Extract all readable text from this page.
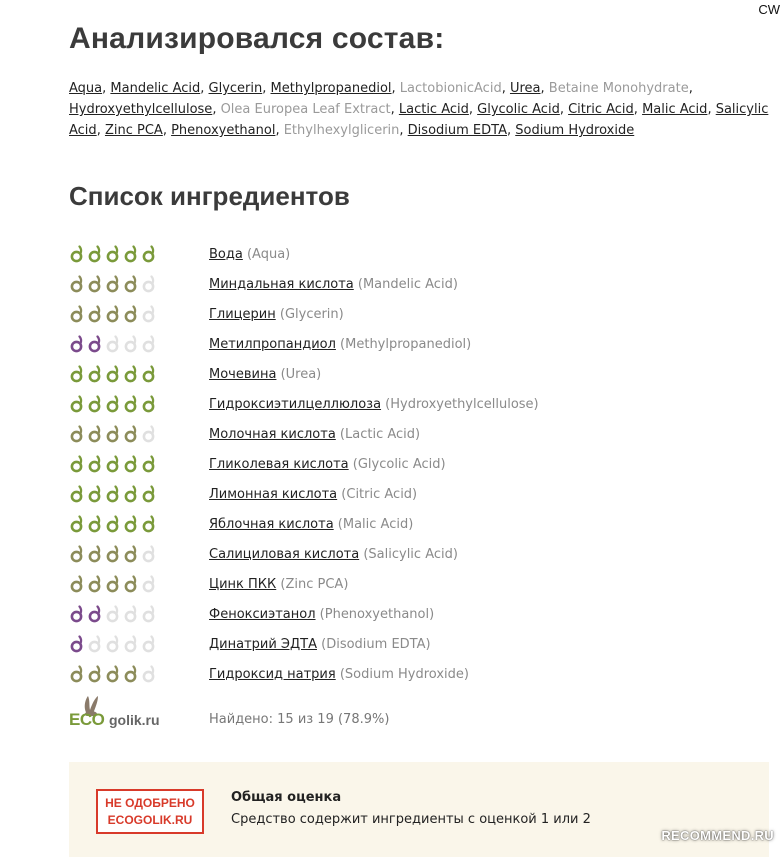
CW
Анализировался состав:
Aqua, Mandelic Acid, Glycerin, Methylpropanediol, LactobionicAcid, Urea, Betaine Monohydrate, Hydroxyethylcellulose, Olea Europea Leaf Extract, Lactic Acid, Glycolic Acid, Citric Acid, Malic Acid, Salicylic Acid, Zinc PCA, Phenoxyethanol, Ethylhexylglicerin, Disodium EDTA, Sodium Hydroxide
Список ингредиентов
Вода (Aqua)
Миндальная кислота (Mandelic Acid)
Глицерин (Glycerin)
Метилпропандиол (Methylpropanediol)
Мочевина (Urea)
Гидроксиэтилцеллюлоза (Hydroxyethylcellulose)
Молочная кислота (Lactic Acid)
Гликолевая кислота (Glycolic Acid)
Лимонная кислота (Citric Acid)
Яблочная кислота (Malic Acid)
Салициловая кислота (Salicylic Acid)
Цинк ПКК (Zinc PCA)
Феноксиэтанол (Phenoxyethanol)
Динатрий ЭДТА (Disodium EDTA)
Гидроксид натрия (Sodium Hydroxide)
ECO golik.ru	Найдено: 15 из 19 (78.9%)
НЕ ОДОБРЕНО
ECOGOLIK.RU
Общая оценка
Средство содержит ингредиенты с оценкой 1 или 2
RECOMMEND.RU
